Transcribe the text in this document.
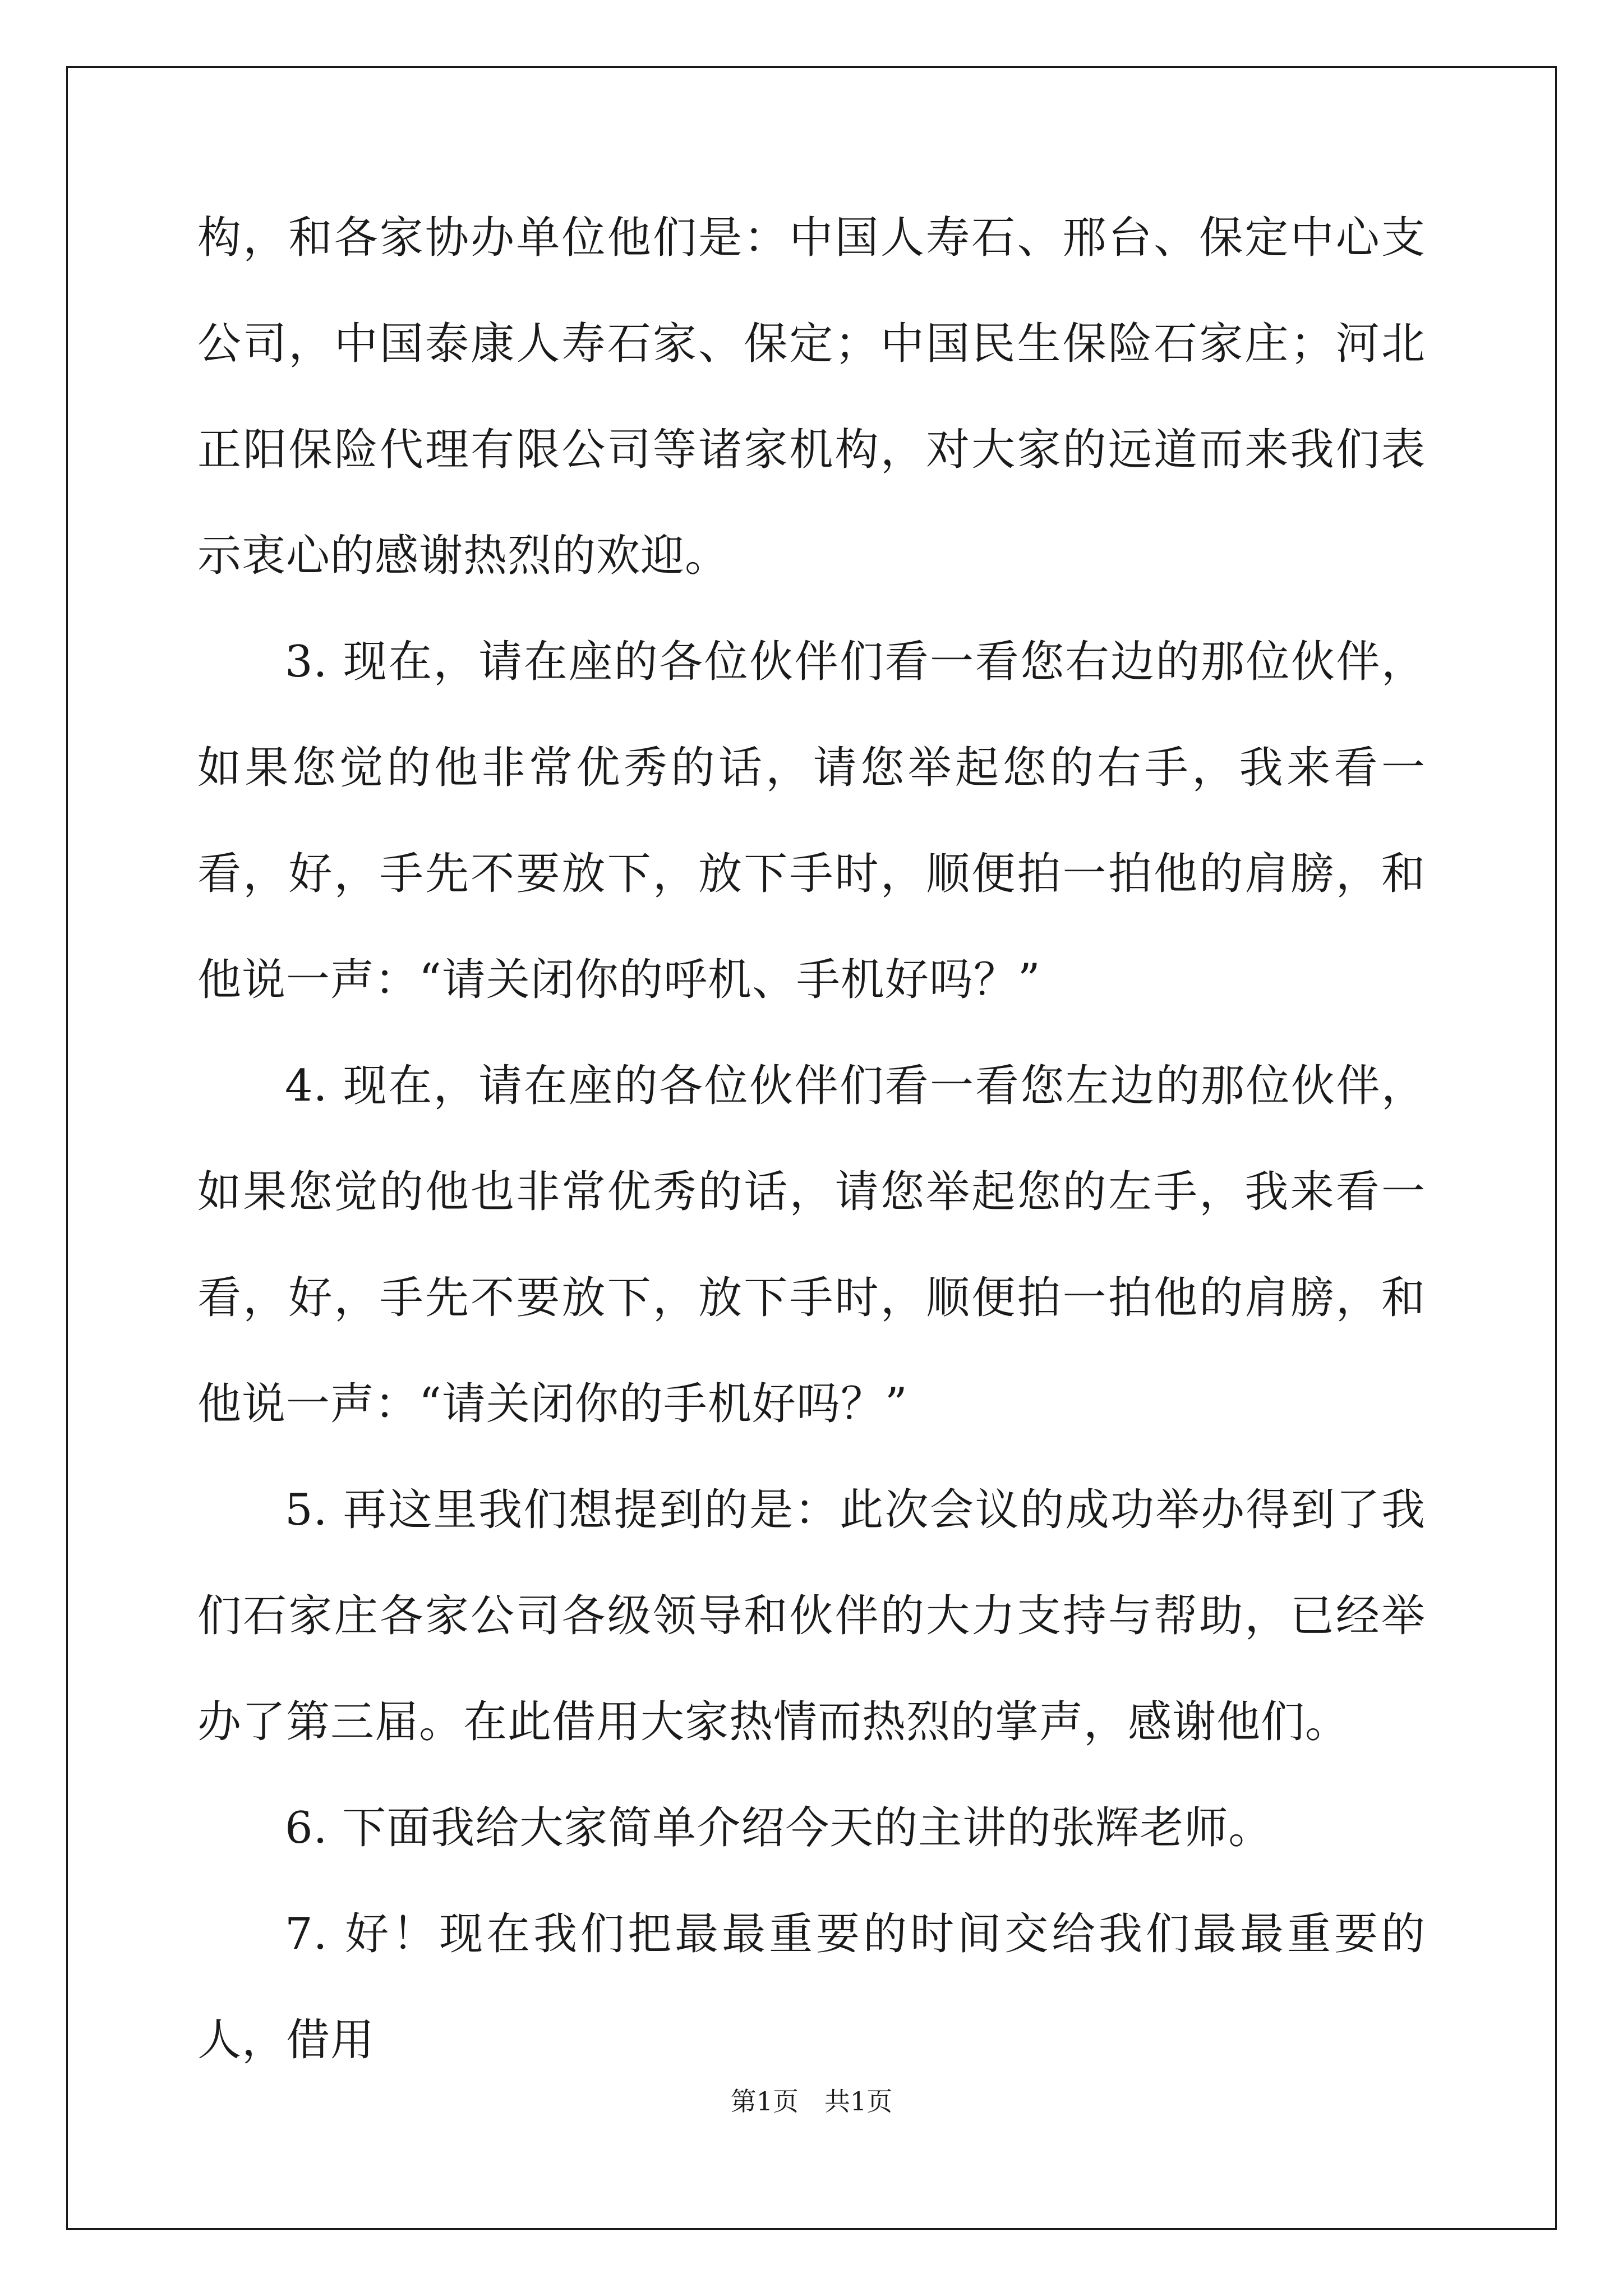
构，和各家协办单位他们是：中国人寿石、邢台、保定中心支公司，中国泰康人寿石家、保定；中国民生保险石家庄；河北正阳保险代理有限公司等诸家机构，对大家的远道而来我们表示衷心的感谢热烈的欢迎。

3. 现在，请在座的各位伙伴们看一看您右边的那位伙伴，如果您觉的他非常优秀的话，请您举起您的右手，我来看一看，好，手先不要放下，放下手时，顺便拍一拍他的肩膀，和他说一声：“请关闭你的呼机、手机好吗？”

4. 现在，请在座的各位伙伴们看一看您左边的那位伙伴，如果您觉的他也非常优秀的话，请您举起您的左手，我来看一看，好，手先不要放下，放下手时，顺便拍一拍他的肩膀，和他说一声：“请关闭你的手机好吗？”

5. 再这里我们想提到的是：此次会议的成功举办得到了我们石家庄各家公司各级领导和伙伴的大力支持与帮助，已经举办了第三届。在此借用大家热情而热烈的掌声，感谢他们。

6. 下面我给大家简单介绍今天的主讲的张辉老师。

7. 好！现在我们把最最重要的时间交给我们最最重要的人，借用

第1页　共1页
